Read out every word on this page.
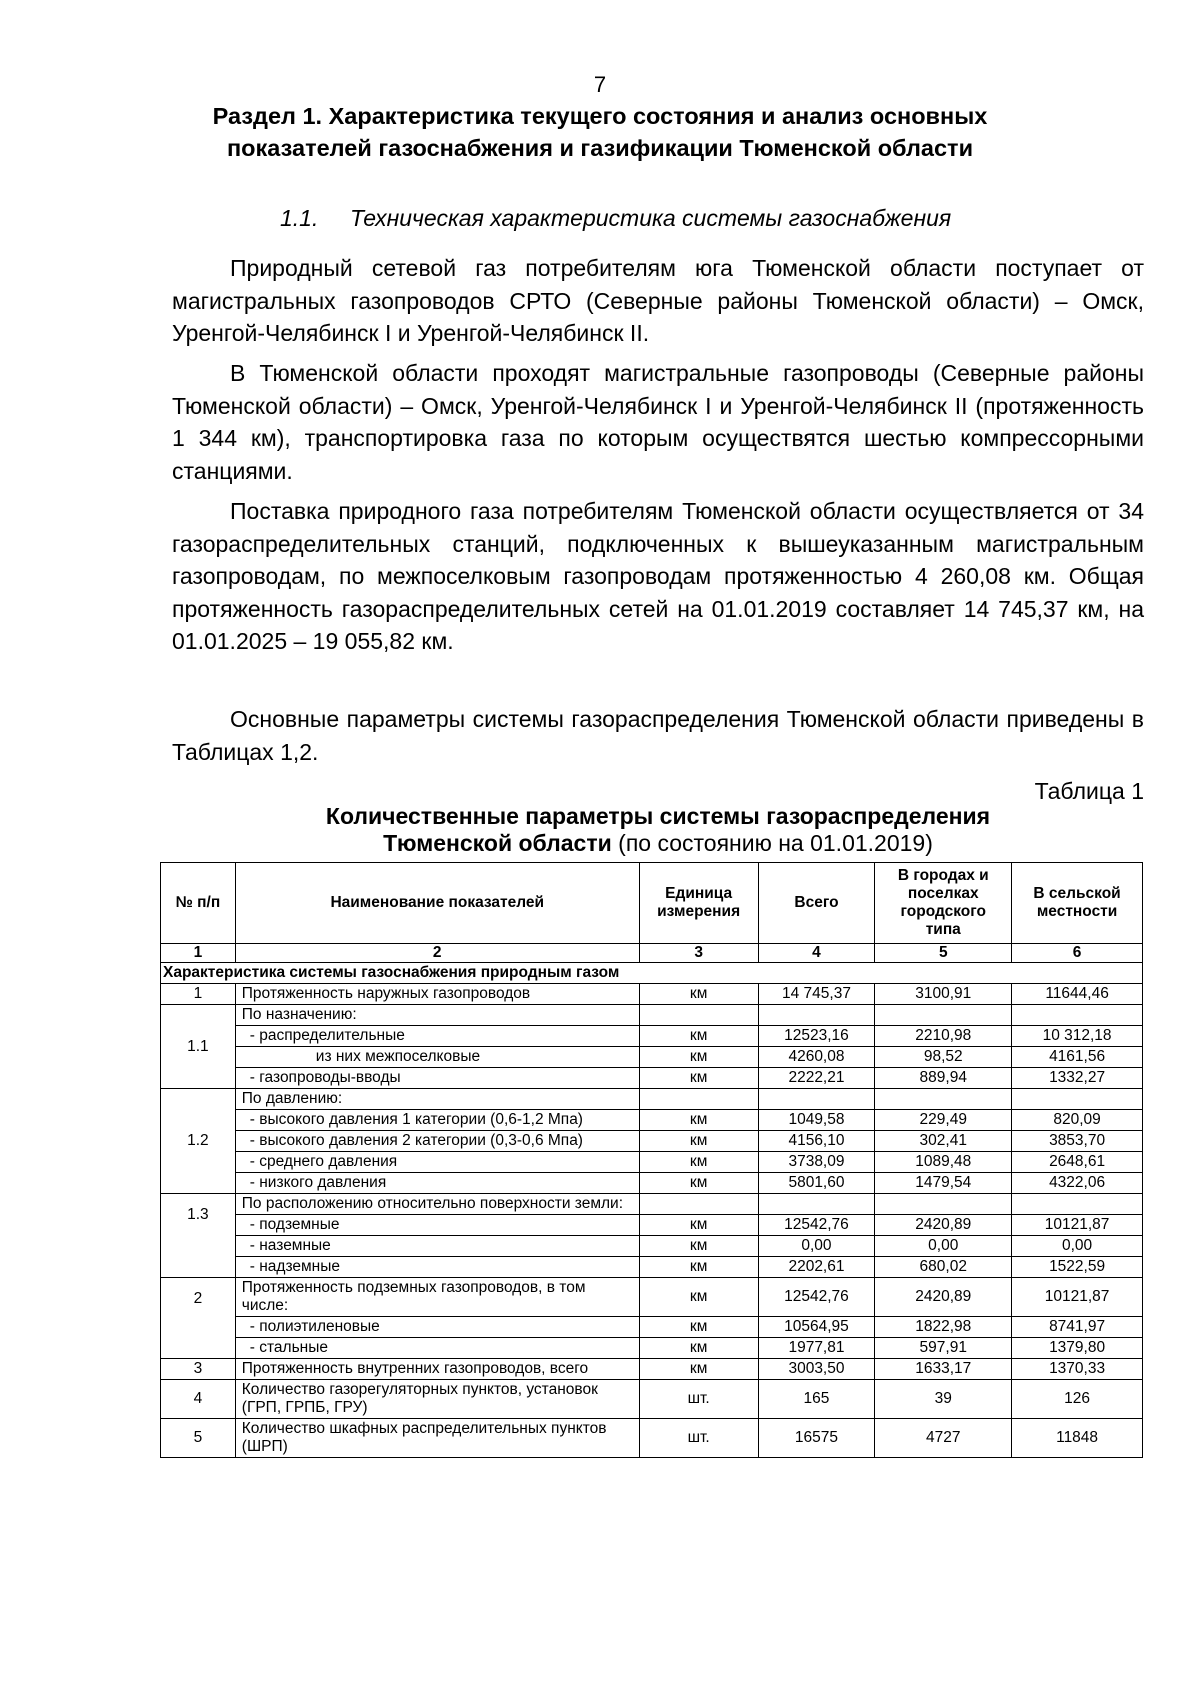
7
Раздел 1. Характеристика текущего состояния и анализ основных показателей газоснабжения и газификации Тюменской области
1.1. Техническая характеристика системы газоснабжения

Природный сетевой газ потребителям юга Тюменской области поступает от магистральных газопроводов СРТО (Северные районы Тюменской области) – Омск, Уренгой-Челябинск I и Уренгой-Челябинск II.

В Тюменской области проходят магистральные газопроводы (Северные районы Тюменской области) – Омск, Уренгой-Челябинск I и Уренгой-Челябинск II (протяженность 1 344 км), транспортировка газа по которым осуществятся шестью компрессорными станциями.

Поставка природного газа потребителям Тюменской области осуществляется от 34 газораспределительных станций, подключенных к вышеуказанным магистральным газопроводам, по межпоселковым газопроводам протяженностью 4 260,08 км. Общая протяженность газораспределительных сетей на 01.01.2019 составляет 14 745,37 км, на 01.01.2025 – 19 055,82 км.

Основные параметры системы газораспределения Тюменской области приведены в Таблицах 1,2.

Таблица 1
Количественные параметры системы газораспределения
Тюменской области (по состоянию на 01.01.2019)
№ п/п	Наименование показателей	Единица измерения	Всего	В городах и поселках городского типа	В сельской местности
1	2	3	4	5	6
Характеристика системы газоснабжения природным газом					
1	Протяженность наружных газопроводов	км	14 745,37	3100,91	11644,46
1.1	По назначению:				
	- распределительные	км	12523,16	2210,98	10 312,18
	из них межпоселковые	км	4260,08	98,52	4161,56
	- газопроводы-вводы	км	2222,21	889,94	1332,27
1.2	По давлению:				
	- высокого давления 1 категории (0,6-1,2 Мпа)	км	1049,58	229,49	820,09
	- высокого давления 2 категории (0,3-0,6 Мпа)	км	4156,10	302,41	3853,70
	- среднего давления	км	3738,09	1089,48	2648,61
	- низкого давления	км	5801,60	1479,54	4322,06
1.3	По расположению относительно поверхности земли:				
	- подземные	км	12542,76	2420,89	10121,87
	- наземные	км	0,00	0,00	0,00
	- надземные	км	2202,61	680,02	1522,59
2	Протяженность подземных газопроводов, в том числе:	км	12542,76	2420,89	10121,87
	- полиэтиленовые	км	10564,95	1822,98	8741,97
	- стальные	км	1977,81	597,91	1379,80
3	Протяженность внутренних газопроводов, всего	км	3003,50	1633,17	1370,33
4	Количество газорегуляторных пунктов, установок (ГРП, ГРПБ, ГРУ)	шт.	165	39	126
5	Количество шкафных распределительных пунктов (ШРП)	шт.	16575	4727	11848
